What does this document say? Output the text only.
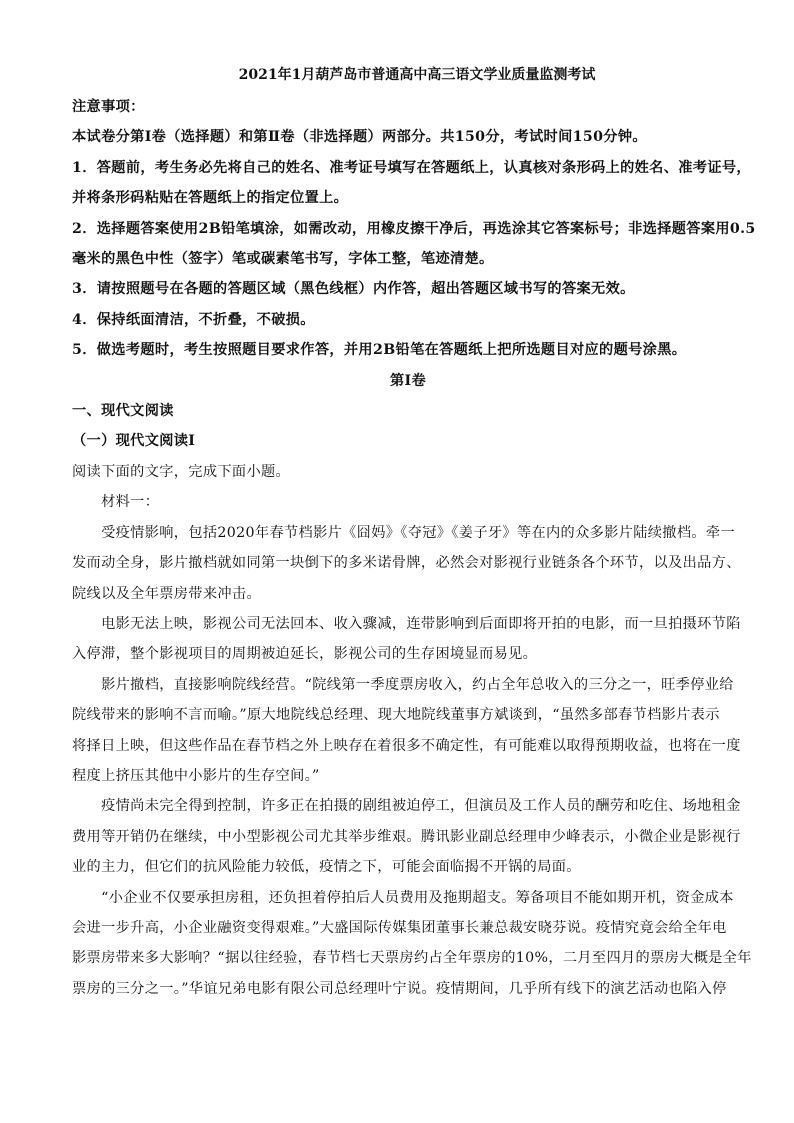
2021年1月葫芦岛市普通高中高三语文学业质量监测考试
注意事项：
本试卷分第Ⅰ卷（选择题）和第Ⅱ卷（非选择题）两部分。共150分，考试时间150分钟。
1．答题前，考生务必先将自己的姓名、准考证号填写在答题纸上，认真核对条形码上的姓名、准考证号，
并将条形码粘贴在答题纸上的指定位置上。
2．选择题答案使用2B铅笔填涂，如需改动，用橡皮擦干净后，再选涂其它答案标号；非选择题答案用0.5
毫米的黑色中性（签字）笔或碳素笔书写，字体工整，笔迹清楚。
3．请按照题号在各题的答题区域（黑色线框）内作答，超出答题区域书写的答案无效。
4．保持纸面清洁，不折叠，不破损。
5．做选考题时，考生按照题目要求作答，并用2B铅笔在答题纸上把所选题目对应的题号涂黑。
第Ⅰ卷
一、现代文阅读
（一）现代文阅读Ⅰ
阅读下面的文字，完成下面小题。
材料一：
受疫情影响，包括2020年春节档影片《囧妈》《夺冠》《姜子牙》等在内的众多影片陆续撤档。牵一
发而动全身，影片撤档就如同第一块倒下的多米诺骨牌，必然会对影视行业链条各个环节，以及出品方、
院线以及全年票房带来冲击。
电影无法上映，影视公司无法回本、收入骤减，连带影响到后面即将开拍的电影，而一旦拍摄环节陷
入停滞，整个影视项目的周期被迫延长，影视公司的生存困境显而易见。
影片撤档，直接影响院线经营。“院线第一季度票房收入，约占全年总收入的三分之一，旺季停业给
院线带来的影响不言而喻。”原大地院线总经理、现大地院线董事方斌谈到，“虽然多部春节档影片表示
将择日上映，但这些作品在春节档之外上映存在着很多不确定性，有可能难以取得预期收益，也将在一度
程度上挤压其他中小影片的生存空间。”
疫情尚未完全得到控制，许多正在拍摄的剧组被迫停工，但演员及工作人员的酬劳和吃住、场地租金
费用等开销仍在继续，中小型影视公司尤其举步维艰。腾讯影业副总经理申少峰表示，小微企业是影视行
业的主力，但它们的抗风险能力较低，疫情之下，可能会面临揭不开锅的局面。
“小企业不仅要承担房租，还负担着停拍后人员费用及拖期超支。筹备项目不能如期开机，资金成本
会进一步升高，小企业融资变得艰难。”大盛国际传媒集团董事长兼总裁安晓芬说。疫情究竟会给全年电
影票房带来多大影响？“据以往经验，春节档七天票房约占全年票房的10%，二月至四月的票房大概是全年
票房的三分之一。”华谊兄弟电影有限公司总经理叶宁说。疫情期间，几乎所有线下的演艺活动也陷入停
